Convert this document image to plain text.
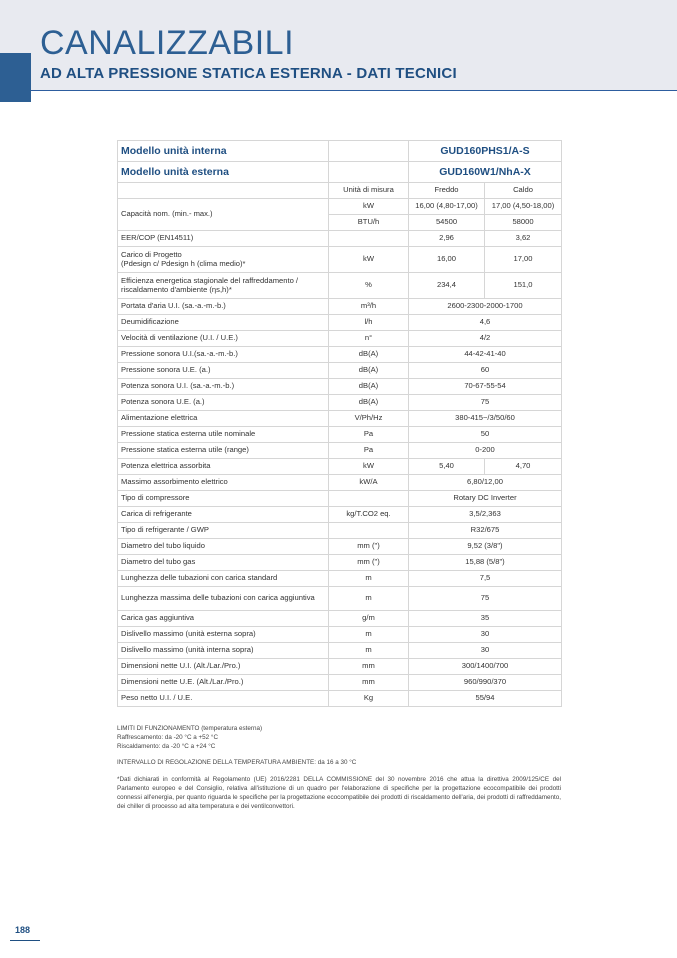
CANALIZZABILI
AD ALTA PRESSIONE STATICA ESTERNA - DATI TECNICI
Modello unità interna		GUD160PHS1/A-S	
Modello unità esterna		GUD160W1/NhA-X	
	Unità di misura	Freddo	Caldo
Capacità nom. (min.- max.)	kW	16,00 (4,80-17,00)	17,00 (4,50-18,00)
	BTU/h	54500	58000
EER/COP (EN14511)		2,96	3,62
Carico di Progetto
(Pdesign c/ Pdesign h (clima medio)*	kW	16,00	17,00
Efficienza energetica stagionale del raffreddamento / riscaldamento d'ambiente (ηs,h)*	%	234,4	151,0
Portata d'aria U.I. (sa.-a.-m.-b.)	m³/h	2600-2300-2000-1700	
Deumidificazione	l/h	4,6	
Velocità di ventilazione (U.I. / U.E.)	n°	4/2	
Pressione sonora U.I.(sa.-a.-m.-b.)	dB(A)	44-42-41-40	
Pressione sonora U.E. (a.)	dB(A)	60	
Potenza sonora U.I. (sa.-a.-m.-b.)	dB(A)	70-67-55-54	
Potenza sonora U.E. (a.)	dB(A)	75	
Alimentazione elettrica	V/Ph/Hz	380-415~/3/50/60	
Pressione statica esterna utile nominale	Pa	50	
Pressione statica esterna utile (range)	Pa	0-200	
Potenza elettrica assorbita	kW	5,40	4,70
Massimo assorbimento elettrico	kW/A	6,80/12,00	
Tipo di compressore		Rotary DC Inverter	
Carica di refrigerante	kg/T.CO2 eq.	3,5/2,363	
Tipo di refrigerante / GWP		R32/675	
Diametro del tubo liquido	mm (")	9,52 (3/8")	
Diametro del tubo gas	mm (")	15,88 (5/8")	
Lunghezza delle tubazioni con carica standard	m	7,5	
Lunghezza massima delle tubazioni con carica aggiuntiva	m	75	
Carica gas aggiuntiva	g/m	35	
Dislivello massimo (unità esterna sopra)	m	30	
Dislivello massimo (unità interna sopra)	m	30	
Dimensioni nette U.I. (Alt./Lar./Pro.)	mm	300/1400/700	
Dimensioni nette U.E. (Alt./Lar./Pro.)	mm	960/990/370	
Peso netto U.I. / U.E.	Kg	55/94	

LIMITI DI FUNZIONAMENTO (temperatura esterna)
Raffrescamento: da -20 °C a +52 °C
Riscaldamento: da -20 °C a +24 °C

INTERVALLO DI REGOLAZIONE DELLA TEMPERATURA AMBIENTE: da 16 a 30 °C

*Dati dichiarati in conformità al Regolamento (UE) 2016/2281 DELLA COMMISSIONE del 30 novembre 2016 che attua la direttiva 2009/125/CE del Parlamento europeo e del Consiglio, relativa all'istituzione di un quadro per l'elaborazione di specifiche per la progettazione ecocompatibile dei prodotti connessi all'energia, per quanto riguarda le specifiche per la progettazione ecocompatibile dei prodotti di riscaldamento dell'aria, dei prodotti di raffreddamento, dei chiller di processo ad alta temperatura e dei ventilconvettori.

188
